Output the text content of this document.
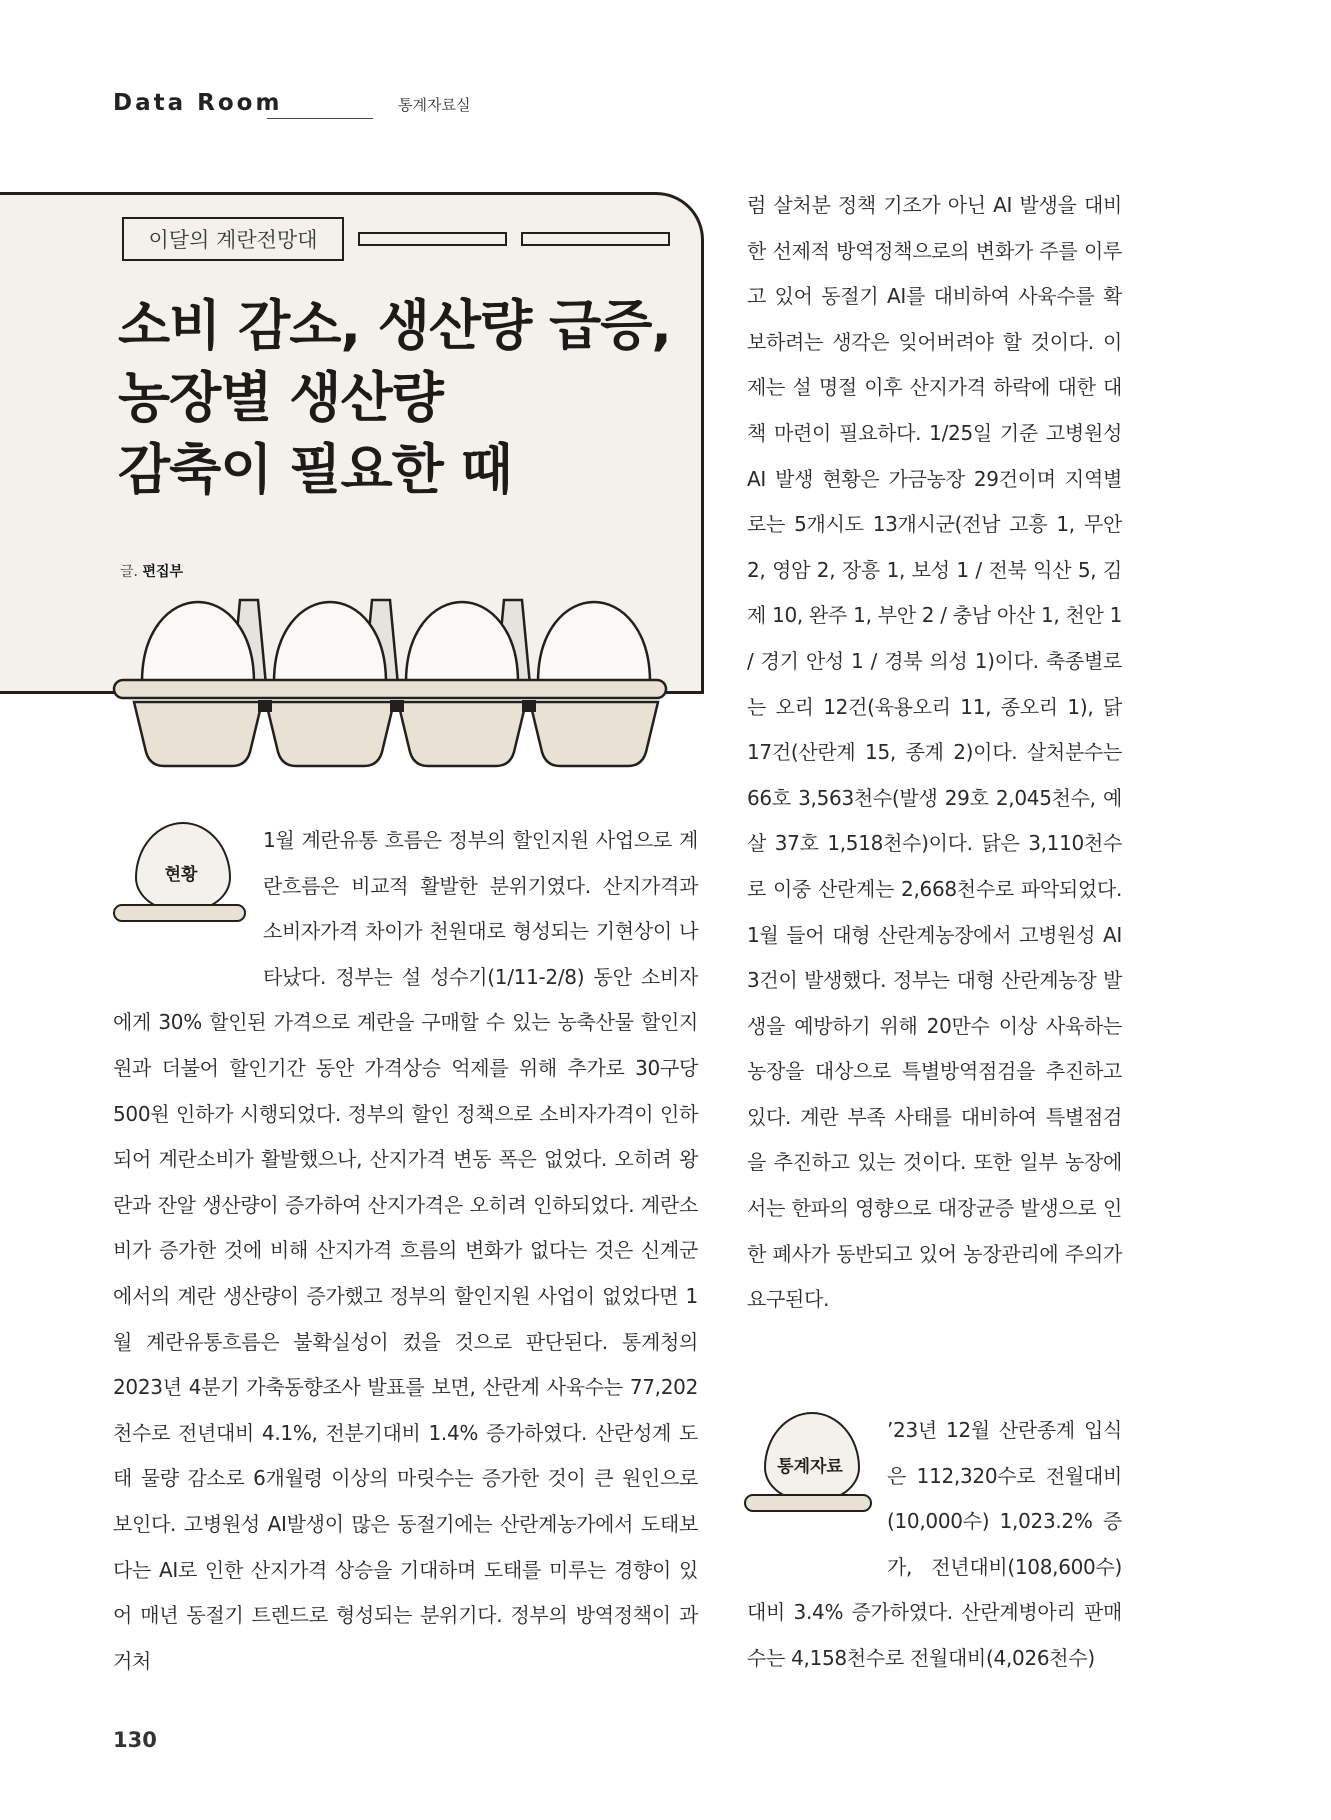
Data Room	통계자료실
이달의 계란전망대
소비 감소, 생산량 급증,
농장별 생산량
감축이 필요한 때
글. 편집부
현황
1월 계란유통 흐름은 정부의 할인지원 사업으로 계란흐름은 비교적 활발한 분위기였다. 산지가격과 소비자가격 차이가 천원대로 형성되는 기현상이 나타났다. 정부는 설 성수기(1/11-2/8) 동안 소비자에게 30% 할인된 가격으로 계란을 구매할 수 있는 농축산물 할인지원과 더불어 할인기간 동안 가격상승 억제를 위해 추가로 30구당 500원 인하가 시행되었다. 정부의 할인 정책으로 소비자가격이 인하되어 계란소비가 활발했으나, 산지가격 변동 폭은 없었다. 오히려 왕란과 잔알 생산량이 증가하여 산지가격은 오히려 인하되었다. 계란소비가 증가한 것에 비해 산지가격 흐름의 변화가 없다는 것은 신계군에서의 계란 생산량이 증가했고 정부의 할인지원 사업이 없었다면 1월 계란유통흐름은 불확실성이 컸을 것으로 판단된다. 통계청의 2023년 4분기 가축동향조사 발표를 보면, 산란계 사육수는 77,202천수로 전년대비 4.1%, 전분기대비 1.4% 증가하였다. 산란성계 도태 물량 감소로 6개월령 이상의 마릿수는 증가한 것이 큰 원인으로 보인다. 고병원성 AI발생이 많은 동절기에는 산란계농가에서 도태보다는 AI로 인한 산지가격 상승을 기대하며 도태를 미루는 경향이 있어 매년 동절기 트렌드로 형성되는 분위기다. 정부의 방역정책이 과거처
럼 살처분 정책 기조가 아닌 AI 발생을 대비한 선제적 방역정책으로의 변화가 주를 이루고 있어 동절기 AI를 대비하여 사육수를 확보하려는 생각은 잊어버려야 할 것이다. 이제는 설 명절 이후 산지가격 하락에 대한 대책 마련이 필요하다. 1/25일 기준 고병원성 AI 발생 현황은 가금농장 29건이며 지역별로는 5개시도 13개시군(전남 고흥 1, 무안 2, 영암 2, 장흥 1, 보성 1 / 전북 익산 5, 김제 10, 완주 1, 부안 2 / 충남 아산 1, 천안 1 / 경기 안성 1 / 경북 의성 1)이다. 축종별로는 오리 12건(육용오리 11, 종오리 1), 닭 17건(산란계 15, 종계 2)이다. 살처분수는 66호 3,563천수(발생 29호 2,045천수, 예살 37호 1,518천수)이다. 닭은 3,110천수로 이중 산란계는 2,668천수로 파악되었다. 1월 들어 대형 산란계농장에서 고병원성 AI 3건이 발생했다. 정부는 대형 산란계농장 발생을 예방하기 위해 20만수 이상 사육하는 농장을 대상으로 특별방역점검을 추진하고 있다. 계란 부족 사태를 대비하여 특별점검을 추진하고 있는 것이다. 또한 일부 농장에서는 한파의 영향으로 대장균증 발생으로 인한 폐사가 동반되고 있어 농장관리에 주의가 요구된다.
통계자료
’23년 12월 산란종계 입식은 112,320수로 전월대비(10,000수) 1,023.2% 증가, 전년대비(108,600수) 대비 3.4% 증가하였다. 산란계병아리 판매수는 4,158천수로 전월대비(4,026천수)
130
